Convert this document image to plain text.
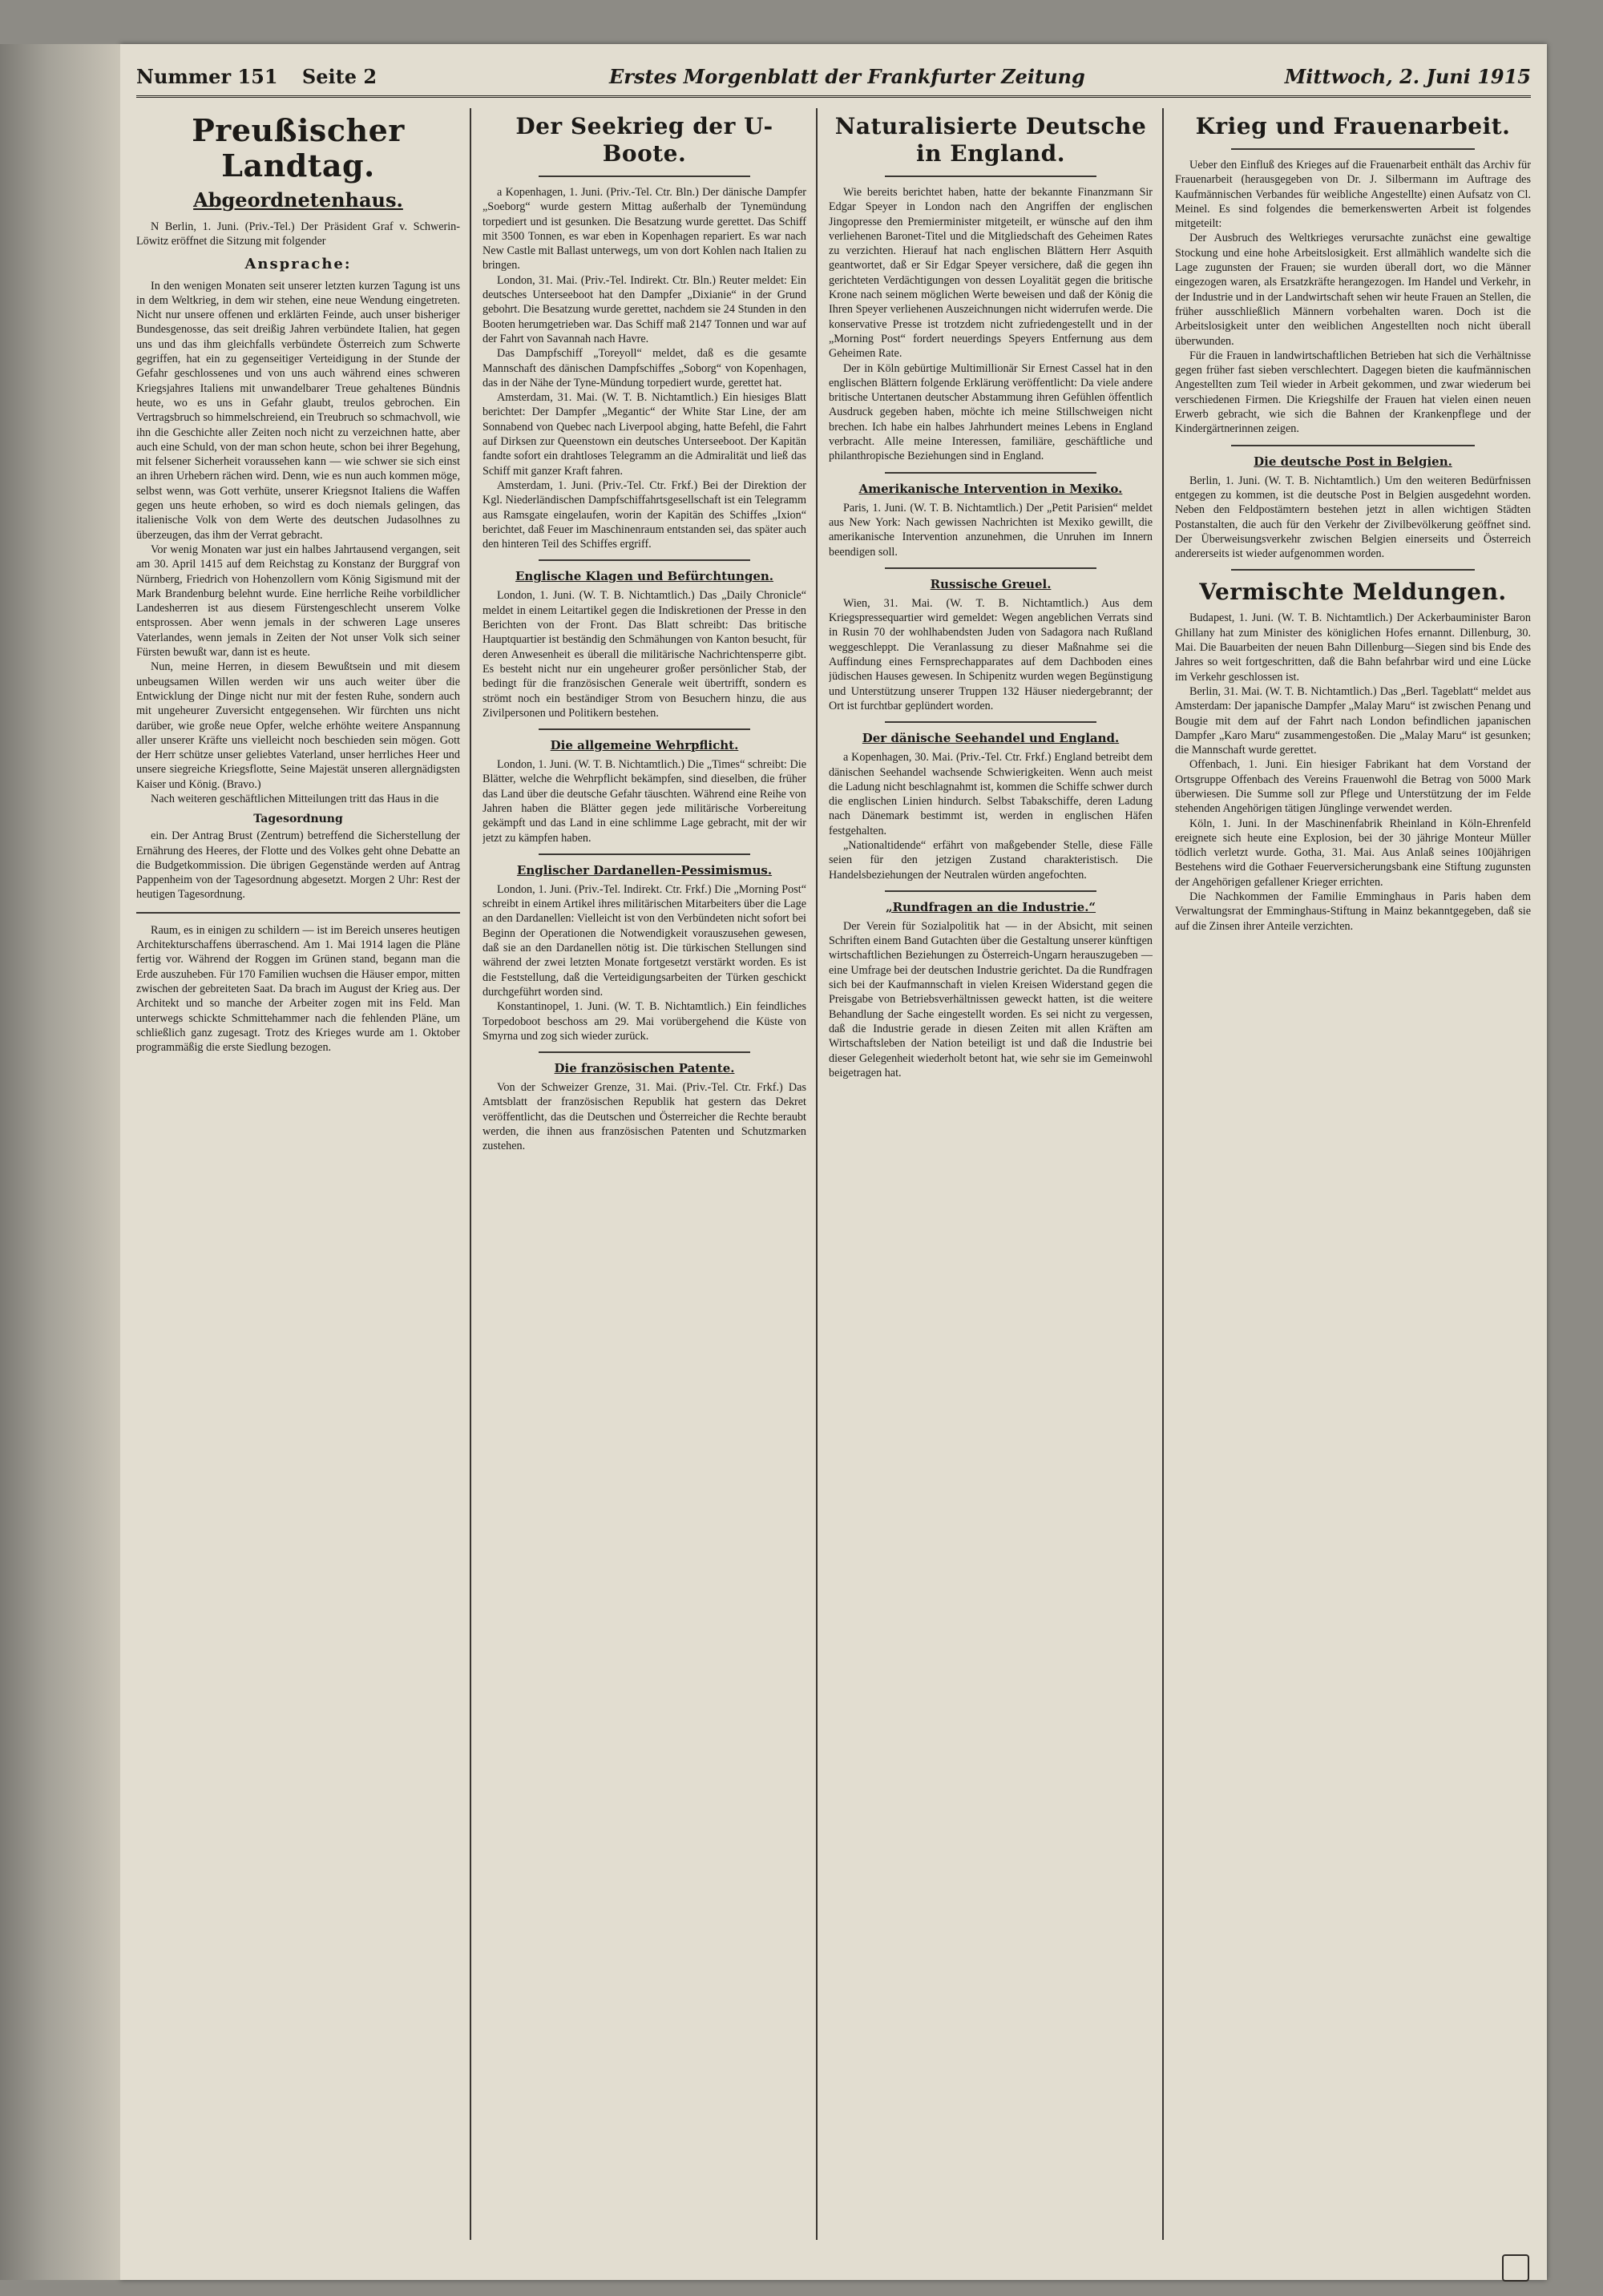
Nummer 151 Seite 2	Erstes Morgenblatt der Frankfurter Zeitung	Mittwoch, 2. Juni 1915
Preußischer Landtag.
Abgeordnetenhaus.

N Berlin, 1. Juni. (Priv.-Tel.) Der Präsident Graf v. Schwerin-Löwitz eröffnet die Sitzung mit folgender

Ansprache:

In den wenigen Monaten seit unserer letzten kurzen Tagung ist uns in dem Weltkrieg, in dem wir stehen, eine neue Wendung eingetreten. Nicht nur unsere offenen und erklärten Feinde, auch unser bisheriger Bundesgenosse, das seit dreißig Jahren verbündete Italien, hat gegen uns und das ihm gleichfalls verbündete Österreich zum Schwerte gegriffen, hat ein zu gegenseitiger Verteidigung in der Stunde der Gefahr geschlossenes und von uns auch während eines schweren Kriegsjahres Italiens mit unwandelbarer Treue gehaltenes Bündnis heute, wo es uns in Gefahr glaubt, treulos gebrochen. Ein Vertragsbruch so himmelschreiend, ein Treubruch so schmachvoll, wie ihn die Geschichte aller Zeiten noch nicht zu verzeichnen hatte, aber auch eine Schuld, von der man schon heute, schon bei ihrer Begehung, mit felsener Sicherheit voraussehen kann — wie schwer sie sich einst an ihren Urhebern rächen wird. Denn, wie es nun auch kommen möge, selbst wenn, was Gott verhüte, unserer Kriegsnot Italiens die Waffen gegen uns heute erhoben, so wird es doch niemals gelingen, das italienische Volk von dem Werte des deutschen Judasolhnes zu überzeugen, das ihm der Verrat gebracht.

Vor wenig Monaten war just ein halbes Jahrtausend vergangen, seit am 30. April 1415 auf dem Reichstag zu Konstanz der Burggraf von Nürnberg, Friedrich von Hohenzollern vom König Sigismund mit der Mark Brandenburg belehnt wurde. Eine herrliche Reihe vorbildlicher Landesherren ist aus diesem Fürstengeschlecht unserem Volke entsprossen. Aber wenn jemals in der schweren Lage unseres Vaterlandes, wenn jemals in Zeiten der Not unser Volk sich seiner Fürsten bewußt war, dann ist es heute.

Nun, meine Herren, in diesem Bewußtsein und mit diesem unbeugsamen Willen werden wir uns auch weiter über die Entwicklung der Dinge nicht nur mit der festen Ruhe, sondern auch mit ungeheurer Zuversicht entgegensehen. Wir fürchten uns nicht darüber, wie große neue Opfer, welche erhöhte weitere Anspannung aller unserer Kräfte uns vielleicht noch beschieden sein mögen. Gott der Herr schütze unser geliebtes Vaterland, unser herrliches Heer und unsere siegreiche Kriegsflotte, Seine Majestät unseren allergnädigsten Kaiser und König. (Bravo.)

Nach weiteren geschäftlichen Mitteilungen tritt das Haus in die

Tagesordnung

ein. Der Antrag Brust (Zentrum) betreffend die Sicherstellung der Ernährung des Heeres, der Flotte und des Volkes geht ohne Debatte an die Budgetkommission. Die übrigen Gegenstände werden auf Antrag Pappenheim von der Tagesordnung abgesetzt. Morgen 2 Uhr: Rest der heutigen Tagesordnung.

Raum, es in einigen zu schildern — ist im Bereich unseres heutigen Architekturschaffens überraschend. Am 1. Mai 1914 lagen die Pläne fertig vor. Während der Roggen im Grünen stand, begann man die Erde auszuheben. Für 170 Familien wuchsen die Häuser empor, mitten zwischen der gebreiteten Saat. Da brach im August der Krieg aus. Der Architekt und so manche der Arbeiter zogen mit ins Feld. Man unterwegs schickte Schmittehammer nach die fehlenden Pläne, um schließlich ganz zugesagt. Trotz des Krieges wurde am 1. Oktober programmäßig die erste Siedlung bezogen.

Der Seekrieg der U-Boote.

a Kopenhagen, 1. Juni. (Priv.-Tel. Ctr. Bln.) Der dänische Dampfer „Soeborg“ wurde gestern Mittag außerhalb der Tynemündung torpediert und ist gesunken. Die Besatzung wurde gerettet. Das Schiff mit 3500 Tonnen, es war eben in Kopenhagen repariert. Es war nach New Castle mit Ballast unterwegs, um von dort Kohlen nach Italien zu bringen.

London, 31. Mai. (Priv.-Tel. Indirekt. Ctr. Bln.) Reuter meldet: Ein deutsches Unterseeboot hat den Dampfer „Dixianie“ in der Grund gebohrt. Die Besatzung wurde gerettet, nachdem sie 24 Stunden in den Booten herumgetrieben war. Das Schiff maß 2147 Tonnen und war auf der Fahrt von Savannah nach Havre.

Das Dampfschiff „Toreyoll“ meldet, daß es die gesamte Mannschaft des dänischen Dampfschiffes „Soborg“ von Kopenhagen, das in der Nähe der Tyne-Mündung torpediert wurde, gerettet hat.

Amsterdam, 31. Mai. (W. T. B. Nichtamtlich.) Ein hiesiges Blatt berichtet: Der Dampfer „Megantic“ der White Star Line, der am Sonnabend von Quebec nach Liverpool abging, hatte Befehl, die Fahrt auf Dirksen zur Queenstown ein deutsches Unterseeboot. Der Kapitän fandte sofort ein drahtloses Telegramm an die Admiralität und ließ das Schiff mit ganzer Kraft fahren.

Amsterdam, 1. Juni. (Priv.-Tel. Ctr. Frkf.) Bei der Direktion der Kgl. Niederländischen Dampfschiffahrtsgesellschaft ist ein Telegramm aus Ramsgate eingelaufen, worin der Kapitän des Schiffes „Ixion“ berichtet, daß Feuer im Maschinenraum entstanden sei, das später auch den hinteren Teil des Schiffes ergriff.

Englische Klagen und Befürchtungen.

London, 1. Juni. (W. T. B. Nichtamtlich.) Das „Daily Chronicle“ meldet in einem Leitartikel gegen die Indiskretionen der Presse in den Berichten von der Front. Das Blatt schreibt: Das britische Hauptquartier ist beständig den Schmähungen von Kanton besucht, für deren Anwesenheit es überall die militärische Nachrichtensperre gibt. Es besteht nicht nur ein ungeheurer großer persönlicher Stab, der bedingt für die französischen Generale weit übertrifft, sondern es strömt noch ein beständiger Strom von Besuchern hinzu, die aus Zivilpersonen und Politikern bestehen.

Die allgemeine Wehrpflicht.

London, 1. Juni. (W. T. B. Nichtamtlich.) Die „Times“ schreibt: Die Blätter, welche die Wehrpflicht bekämpfen, sind dieselben, die früher das Land über die deutsche Gefahr täuschten. Während eine Reihe von Jahren haben die Blätter gegen jede militärische Vorbereitung gekämpft und das Land in eine schlimme Lage gebracht, mit der wir jetzt zu kämpfen haben.

Englischer Dardanellen-Pessimismus.

London, 1. Juni. (Priv.-Tel. Indirekt. Ctr. Frkf.) Die „Morning Post“ schreibt in einem Artikel ihres militärischen Mitarbeiters über die Lage an den Dardanellen: Vielleicht ist von den Verbündeten nicht sofort bei Beginn der Operationen die Notwendigkeit vorauszusehen gewesen, daß sie an den Dardanellen nötig ist. Die türkischen Stellungen sind während der zwei letzten Monate fortgesetzt verstärkt worden. Es ist die Feststellung, daß die Verteidigungsarbeiten der Türken geschickt durchgeführt worden sind.

Konstantinopel, 1. Juni. (W. T. B. Nichtamtlich.) Ein feindliches Torpedoboot beschoss am 29. Mai vorübergehend die Küste von Smyrna und zog sich wieder zurück.

Die französischen Patente.

Von der Schweizer Grenze, 31. Mai. (Priv.-Tel. Ctr. Frkf.) Das Amtsblatt der französischen Republik hat gestern das Dekret veröffentlicht, das die Deutschen und Österreicher die Rechte beraubt werden, die ihnen aus französischen Patenten und Schutzmarken zustehen.

Naturalisierte Deutsche in England.

Wie bereits berichtet haben, hatte der bekannte Finanzmann Sir Edgar Speyer in London nach den Angriffen der englischen Jingopresse den Premierminister mitgeteilt, er wünsche auf den ihm verliehenen Baronet-Titel und die Mitgliedschaft des Geheimen Rates zu verzichten. Hierauf hat nach englischen Blättern Herr Asquith geantwortet, daß er Sir Edgar Speyer versichere, daß die gegen ihn gerichteten Verdächtigungen von dessen Loyalität gegen die britische Krone nach seinem möglichen Werte beweisen und daß der König die Ihren Speyer verliehenen Auszeichnungen nicht widerrufen werde. Die konservative Presse ist trotzdem nicht zufriedengestellt und in der „Morning Post“ fordert neuerdings Speyers Entfernung aus dem Geheimen Rate.

Der in Köln gebürtige Multimillionär Sir Ernest Cassel hat in den englischen Blättern folgende Erklärung veröffentlicht: Da viele andere britische Untertanen deutscher Abstammung ihren Gefühlen öffentlich Ausdruck gegeben haben, möchte ich meine Stillschweigen nicht brechen. Ich habe ein halbes Jahrhundert meines Lebens in England verbracht. Alle meine Interessen, familiäre, geschäftliche und philanthropische Beziehungen sind in England.

Amerikanische Intervention in Mexiko.

Paris, 1. Juni. (W. T. B. Nichtamtlich.) Der „Petit Parisien“ meldet aus New York: Nach gewissen Nachrichten ist Mexiko gewillt, die amerikanische Intervention anzunehmen, die Unruhen im Innern beendigen soll.

Russische Greuel.

Wien, 31. Mai. (W. T. B. Nichtamtlich.) Aus dem Kriegspressequartier wird gemeldet: Wegen angeblichen Verrats sind in Rusin 70 der wohlhabendsten Juden von Sadagora nach Rußland weggeschleppt. Die Veranlassung zu dieser Maßnahme sei die Auffindung eines Fernsprechapparates auf dem Dachboden eines jüdischen Hauses gewesen. In Schipenitz wurden wegen Begünstigung und Unterstützung unserer Truppen 132 Häuser niedergebrannt; der Ort ist furchtbar geplündert worden.

Der dänische Seehandel und England.

a Kopenhagen, 30. Mai. (Priv.-Tel. Ctr. Frkf.) England betreibt dem dänischen Seehandel wachsende Schwierigkeiten. Wenn auch meist die Ladung nicht beschlagnahmt ist, kommen die Schiffe schwer durch die englischen Linien hindurch. Selbst Tabakschiffe, deren Ladung nach Dänemark bestimmt ist, werden in englischen Häfen festgehalten.

„Nationaltidende“ erfährt von maßgebender Stelle, diese Fälle seien für den jetzigen Zustand charakteristisch. Die Handelsbeziehungen der Neutralen würden angefochten.

„Rundfragen an die Industrie.“

Der Verein für Sozialpolitik hat — in der Absicht, mit seinen Schriften einem Band Gutachten über die Gestaltung unserer künftigen wirtschaftlichen Beziehungen zu Österreich-Ungarn herauszugeben — eine Umfrage bei der deutschen Industrie gerichtet. Da die Rundfragen sich bei der Kaufmannschaft in vielen Kreisen Widerstand gegen die Preisgabe von Betriebsverhältnissen geweckt hatten, ist die weitere Behandlung der Sache eingestellt worden. Es sei nicht zu vergessen, daß die Industrie gerade in diesen Zeiten mit allen Kräften am Wirtschaftsleben der Nation beteiligt ist und daß die Industrie bei dieser Gelegenheit wiederholt betont hat, wie sehr sie im Gemeinwohl beigetragen hat.

Krieg und Frauenarbeit.

Ueber den Einfluß des Krieges auf die Frauenarbeit enthält das Archiv für Frauenarbeit (herausgegeben von Dr. J. Silbermann im Auftrage des Kaufmännischen Verbandes für weibliche Angestellte) einen Aufsatz von Cl. Meinel. Es sind folgendes die bemerkenswerten Arbeit ist folgendes mitgeteilt:

Der Ausbruch des Weltkrieges verursachte zunächst eine gewaltige Stockung und eine hohe Arbeitslosigkeit. Erst allmählich wandelte sich die Lage zugunsten der Frauen; sie wurden überall dort, wo die Männer eingezogen waren, als Ersatzkräfte herangezogen. Im Handel und Verkehr, in der Industrie und in der Landwirtschaft sehen wir heute Frauen an Stellen, die früher ausschließlich Männern vorbehalten waren. Doch ist die Arbeitslosigkeit unter den weiblichen Angestellten noch nicht überall überwunden.

Für die Frauen in landwirtschaftlichen Betrieben hat sich die Verhältnisse gegen früher fast sieben verschlechtert. Dagegen bieten die kaufmännischen Angestellten zum Teil wieder in Arbeit gekommen, und zwar wiederum bei verschiedenen Firmen. Die Kriegshilfe der Frauen hat vielen einen neuen Erwerb gebracht, wie sich die Bahnen der Krankenpflege und der Kindergärtnerinnen zeigen.

Die deutsche Post in Belgien.

Berlin, 1. Juni. (W. T. B. Nichtamtlich.) Um den weiteren Bedürfnissen entgegen zu kommen, ist die deutsche Post in Belgien ausgedehnt worden. Neben den Feldpostämtern bestehen jetzt in allen wichtigen Städten Postanstalten, die auch für den Verkehr der Zivilbevölkerung geöffnet sind. Der Überweisungsverkehr zwischen Belgien einerseits und Österreich andererseits ist wieder aufgenommen worden.

Vermischte Meldungen.

Budapest, 1. Juni. (W. T. B. Nichtamtlich.) Der Ackerbauminister Baron Ghillany hat zum Minister des königlichen Hofes ernannt. Dillenburg, 30. Mai. Die Bauarbeiten der neuen Bahn Dillenburg—Siegen sind bis Ende des Jahres so weit fortgeschritten, daß die Bahn befahrbar wird und eine Lücke im Verkehr geschlossen ist.

Berlin, 31. Mai. (W. T. B. Nichtamtlich.) Das „Berl. Tageblatt“ meldet aus Amsterdam: Der japanische Dampfer „Malay Maru“ ist zwischen Penang und Bougie mit dem auf der Fahrt nach London befindlichen japanischen Dampfer „Karo Maru“ zusammengestoßen. Die „Malay Maru“ ist gesunken; die Mannschaft wurde gerettet.

Offenbach, 1. Juni. Ein hiesiger Fabrikant hat dem Vorstand der Ortsgruppe Offenbach des Vereins Frauenwohl die Betrag von 5000 Mark überwiesen. Die Summe soll zur Pflege und Unterstützung der im Felde stehenden Angehörigen tätigen Jünglinge verwendet werden.

Köln, 1. Juni. In der Maschinenfabrik Rheinland in Köln-Ehrenfeld ereignete sich heute eine Explosion, bei der 30 jährige Monteur Müller tödlich verletzt wurde. Gotha, 31. Mai. Aus Anlaß seines 100jährigen Bestehens wird die Gothaer Feuerversicherungsbank eine Stiftung zugunsten der Angehörigen gefallener Krieger errichten.

Die Nachkommen der Familie Emminghaus in Paris haben dem Verwaltungsrat der Emminghaus-Stiftung in Mainz bekanntgegeben, daß sie auf die Zinsen ihrer Anteile verzichten.
